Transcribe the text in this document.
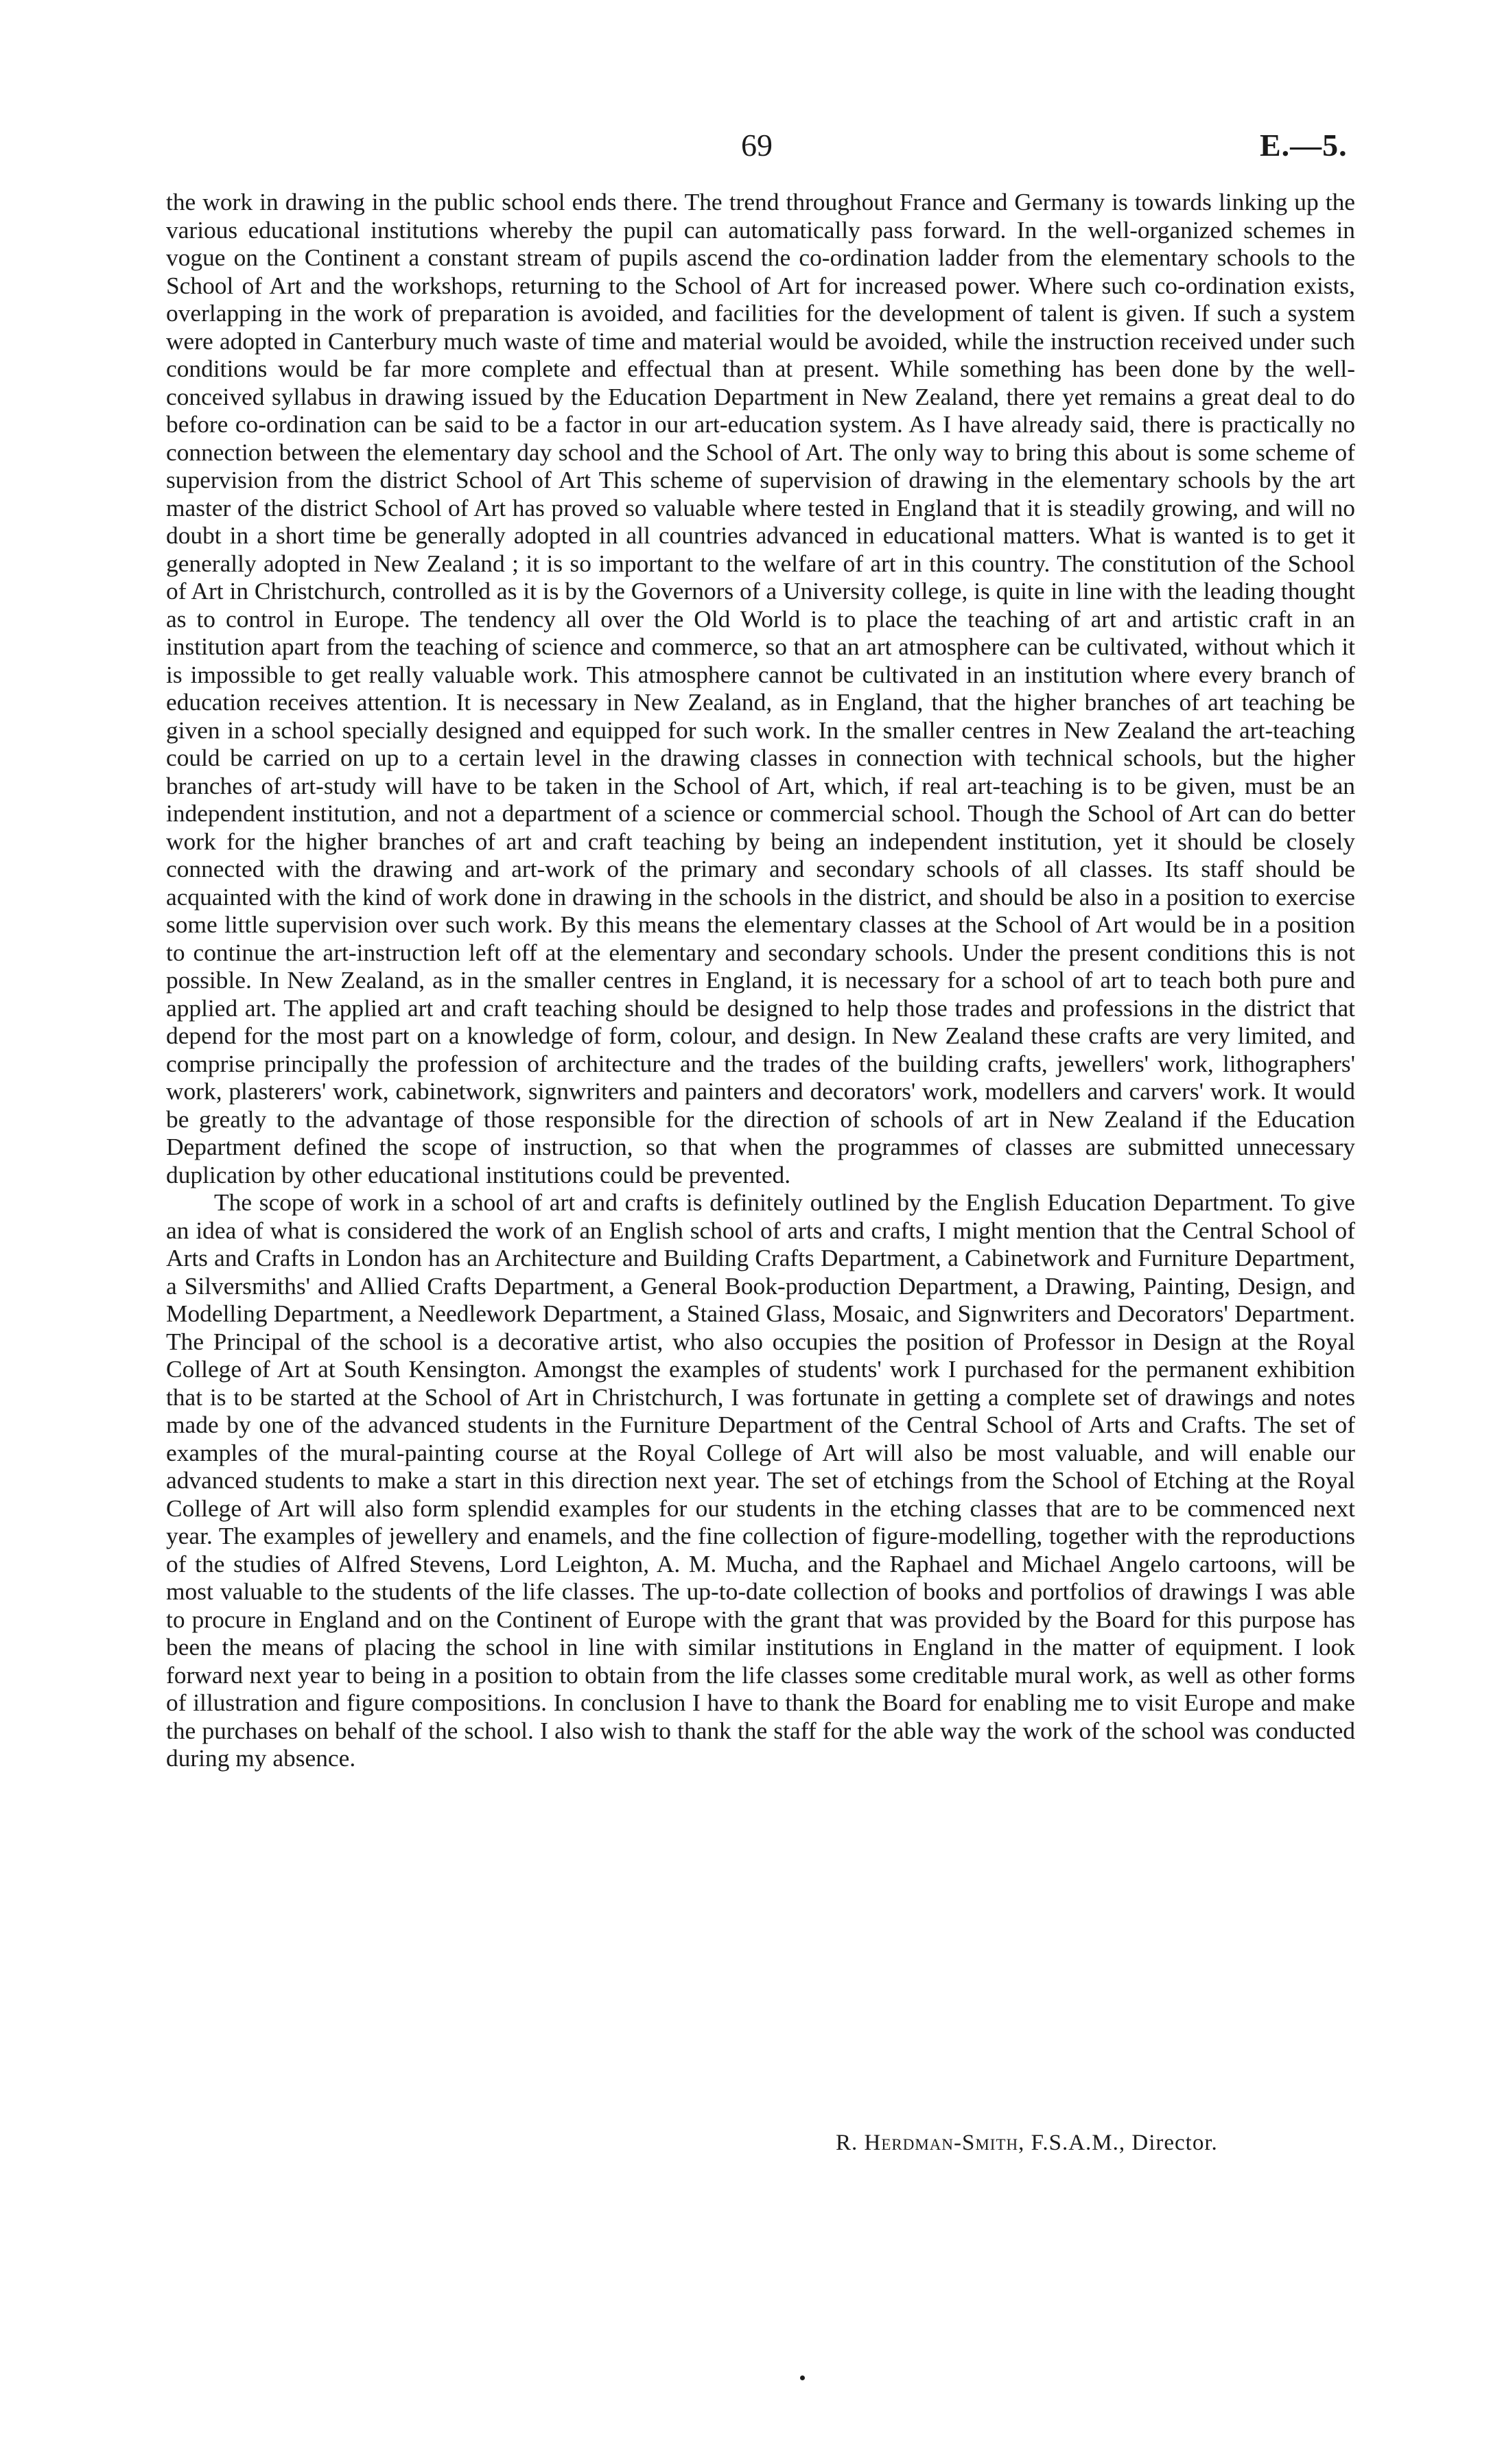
69	E.—5.

the work in drawing in the public school ends there. The trend throughout France and Germany is towards linking up the various educational institutions whereby the pupil can automatically pass forward. In the well-organized schemes in vogue on the Continent a constant stream of pupils ascend the co-ordination ladder from the elementary schools to the School of Art and the workshops, returning to the School of Art for increased power. Where such co-ordination exists, overlapping in the work of preparation is avoided, and facilities for the development of talent is given. If such a system were adopted in Canterbury much waste of time and material would be avoided, while the instruction received under such conditions would be far more complete and effectual than at present. While something has been done by the well-conceived syllabus in drawing issued by the Education Department in New Zealand, there yet remains a great deal to do before co-ordination can be said to be a factor in our art-education system. As I have already said, there is practically no connection between the elementary day school and the School of Art. The only way to bring this about is some scheme of supervision from the district School of Art This scheme of supervision of drawing in the elementary schools by the art master of the district School of Art has proved so valuable where tested in England that it is steadily growing, and will no doubt in a short time be generally adopted in all countries advanced in educational matters. What is wanted is to get it generally adopted in New Zealand ; it is so important to the welfare of art in this country. The constitution of the School of Art in Christchurch, controlled as it is by the Governors of a University college, is quite in line with the leading thought as to control in Europe. The tendency all over the Old World is to place the teaching of art and artistic craft in an institution apart from the teaching of science and commerce, so that an art atmosphere can be cultivated, without which it is impossible to get really valuable work. This atmosphere cannot be cultivated in an institution where every branch of education receives attention. It is necessary in New Zealand, as in England, that the higher branches of art teaching be given in a school specially designed and equipped for such work. In the smaller centres in New Zealand the art-teaching could be carried on up to a certain level in the drawing classes in connection with technical schools, but the higher branches of art-study will have to be taken in the School of Art, which, if real art-teaching is to be given, must be an independent institution, and not a department of a science or commercial school. Though the School of Art can do better work for the higher branches of art and craft teaching by being an independent institution, yet it should be closely connected with the drawing and art-work of the primary and secondary schools of all classes. Its staff should be acquainted with the kind of work done in drawing in the schools in the district, and should be also in a position to exercise some little supervision over such work. By this means the elementary classes at the School of Art would be in a position to continue the art-instruction left off at the elementary and secondary schools. Under the present conditions this is not possible. In New Zealand, as in the smaller centres in England, it is necessary for a school of art to teach both pure and applied art. The applied art and craft teaching should be designed to help those trades and professions in the district that depend for the most part on a knowledge of form, colour, and design. In New Zealand these crafts are very limited, and comprise principally the profession of architecture and the trades of the building crafts, jewellers' work, lithographers' work, plasterers' work, cabinetwork, signwriters and painters and decorators' work, modellers and carvers' work. It would be greatly to the advantage of those responsible for the direction of schools of art in New Zealand if the Education Department defined the scope of instruction, so that when the programmes of classes are submitted unnecessary duplication by other educational institutions could be prevented.

The scope of work in a school of art and crafts is definitely outlined by the English Education Department. To give an idea of what is considered the work of an English school of arts and crafts, I might mention that the Central School of Arts and Crafts in London has an Architecture and Building Crafts Department, a Cabinetwork and Furniture Department, a Silversmiths' and Allied Crafts Department, a General Book-production Department, a Drawing, Painting, Design, and Modelling Department, a Needlework Department, a Stained Glass, Mosaic, and Signwriters and Decorators' Department. The Principal of the school is a decorative artist, who also occupies the position of Professor in Design at the Royal College of Art at South Kensington. Amongst the examples of students' work I purchased for the permanent exhibition that is to be started at the School of Art in Christchurch, I was fortunate in getting a complete set of drawings and notes made by one of the advanced students in the Furniture Department of the Central School of Arts and Crafts. The set of examples of the mural-painting course at the Royal College of Art will also be most valuable, and will enable our advanced students to make a start in this direction next year. The set of etchings from the School of Etching at the Royal College of Art will also form splendid examples for our students in the etching classes that are to be commenced next year. The examples of jewellery and enamels, and the fine collection of figure-modelling, together with the reproductions of the studies of Alfred Stevens, Lord Leighton, A. M. Mucha, and the Raphael and Michael Angelo cartoons, will be most valuable to the students of the life classes. The up-to-date collection of books and portfolios of drawings I was able to procure in England and on the Continent of Europe with the grant that was provided by the Board for this purpose has been the means of placing the school in line with similar institutions in England in the matter of equipment. I look forward next year to being in a position to obtain from the life classes some creditable mural work, as well as other forms of illustration and figure compositions. In conclusion I have to thank the Board for enabling me to visit Europe and make the purchases on behalf of the school. I also wish to thank the staff for the able way the work of the school was conducted during my absence.

R. Herdman-Smith, F.S.A.M., Director.
